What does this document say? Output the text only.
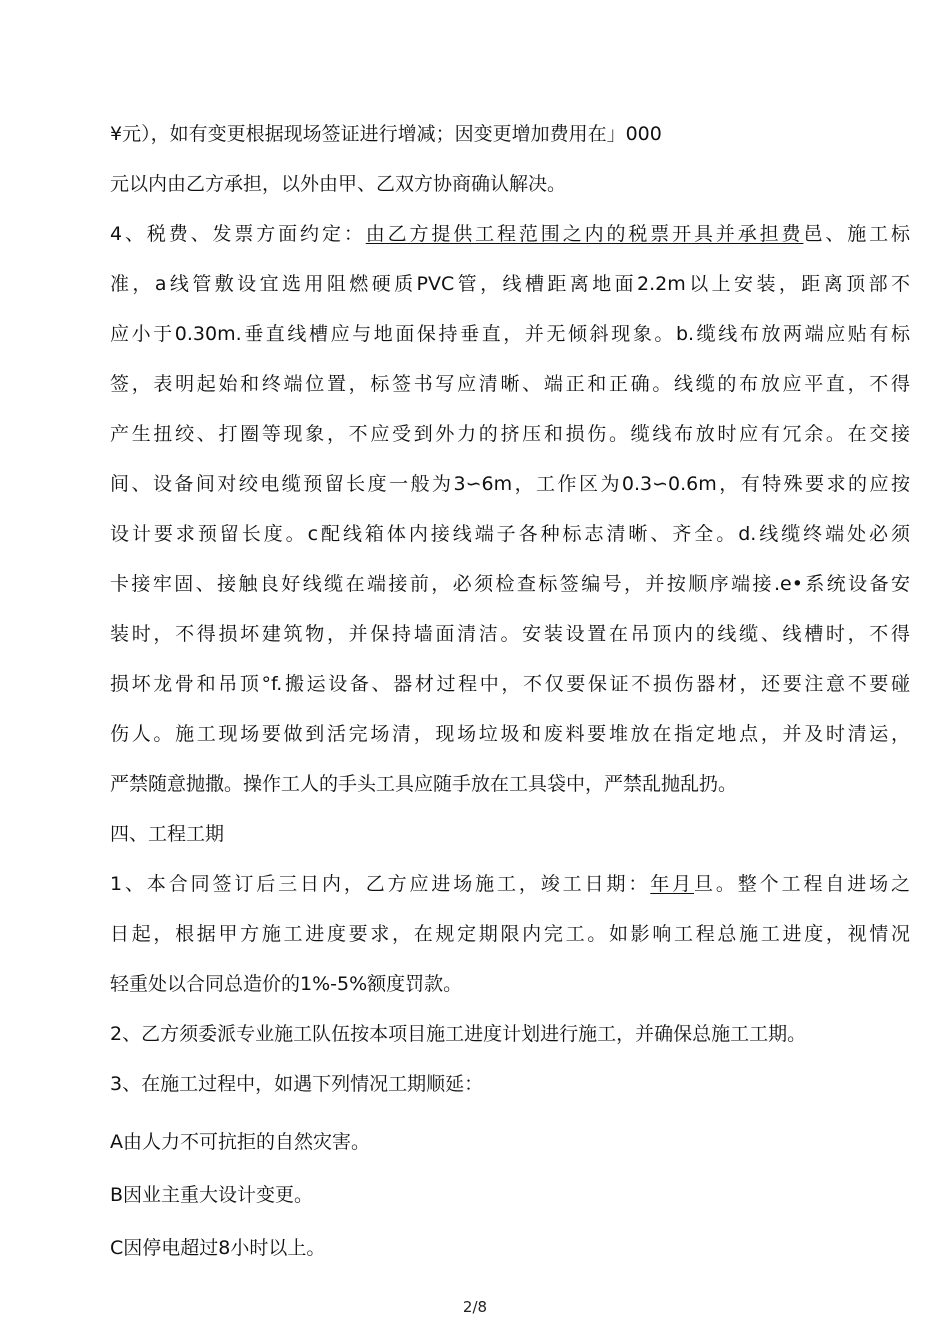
¥元），如有变更根据现场签证进行增减；因变更增加费用在」000
元以内由乙方承担，以外由甲、乙双方协商确认解决。
4、税费、发票方面约定：由乙方提供工程范围之内的税票开具并承担费邑、施工标
准，a线管敷设宜选用阻燃硬质PVC管，线槽距离地面2.2m以上安装，距离顶部不
应小于0.30m.垂直线槽应与地面保持垂直，并无倾斜现象。b.缆线布放两端应贴有标
签，表明起始和终端位置，标签书写应清晰、端正和正确。线缆的布放应平直，不得
产生扭绞、打圈等现象，不应受到外力的挤压和损伤。缆线布放时应有冗余。在交接
间、设备间对绞电缆预留长度一般为3∽6m，工作区为0.3∽0.6m，有特殊要求的应按
设计要求预留长度。c配线箱体内接线端子各种标志清晰、齐全。d.线缆终端处必须
卡接牢固、接触良好线缆在端接前，必须检查标签编号，并按顺序端接.e•系统设备安
装时，不得损坏建筑物，并保持墙面清洁。安装设置在吊顶内的线缆、线槽时，不得
损坏龙骨和吊顶°f.搬运设备、器材过程中，不仅要保证不损伤器材，还要注意不要碰
伤人。施工现场要做到活完场清，现场垃圾和废料要堆放在指定地点，并及时清运，
严禁随意抛撒。操作工人的手头工具应随手放在工具袋中，严禁乱抛乱扔。
四、工程工期
1、本合同签订后三日内，乙方应进场施工，竣工日期：年月旦。整个工程自进场之
日起，根据甲方施工进度要求，在规定期限内完工。如影响工程总施工进度，视情况
轻重处以合同总造价的1%-5%额度罚款。
2、乙方须委派专业施工队伍按本项目施工进度计划进行施工，并确保总施工工期。
3、在施工过程中，如遇下列情况工期顺延：
A由人力不可抗拒的自然灾害。
B因业主重大设计变更。
C因停电超过8小时以上。
2/8
